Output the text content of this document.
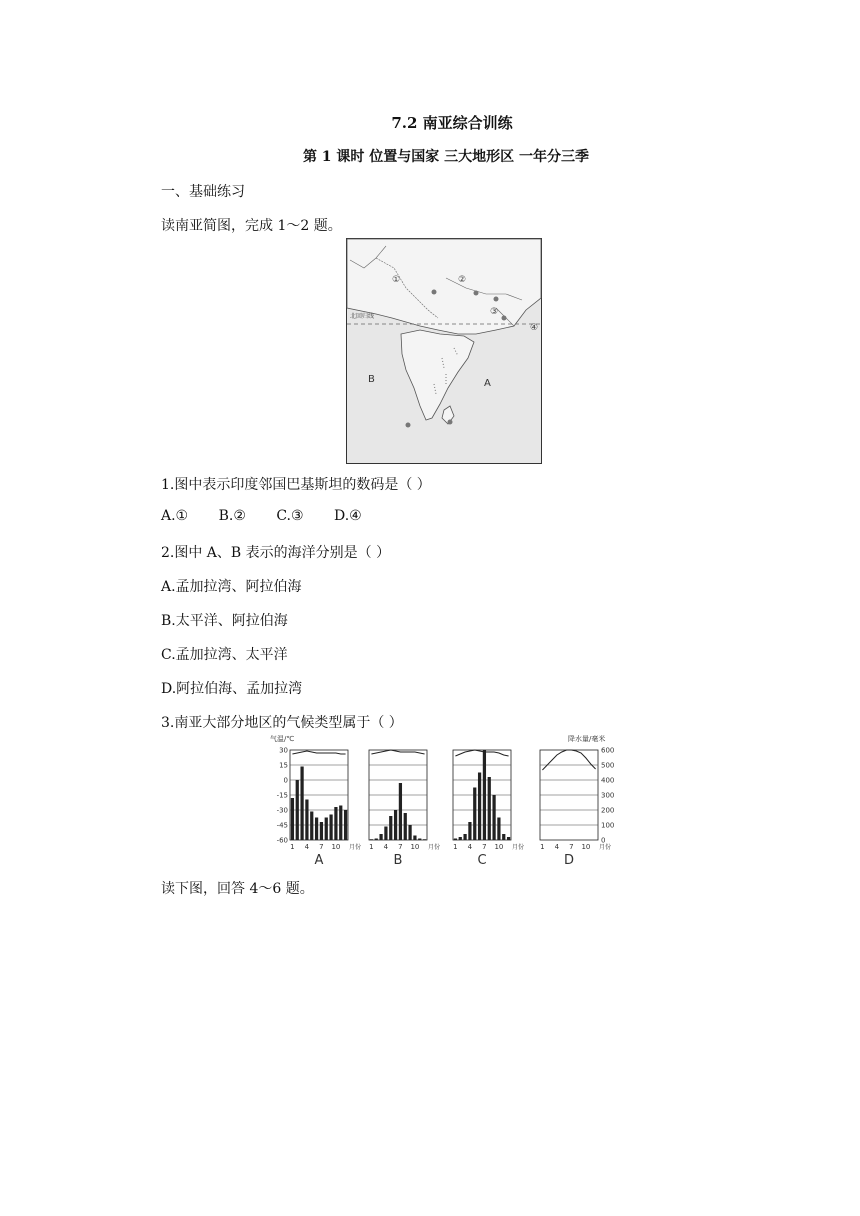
7.2 南亚综合训练
第 1 课时 位置与国家 三大地形区 一年分三季
一、基础练习
读南亚简图，完成 1～2 题。
北回归线
①	②
③
④
A
B
1.图中表示印度邻国巴基斯坦的数码是（ ）
A.① B.② C.③ D.④
2.图中 A、B 表示的海洋分别是（ ）
A.孟加拉湾、阿拉伯海
B.太平洋、阿拉伯海
C.孟加拉湾、太平洋
D.阿拉伯海、孟加拉湾
3.南亚大部分地区的气候类型属于（ ）
气温/℃	降水量/毫米
30
15
0
-15
-30
-45
-60
600
500
400
300
200
100
0
1 4 7 10 月份
A
1 4 7 10 月份
B
1 4 7 10 月份
C
1 4 7 10 月份
D
读下图，回答 4～6 题。
